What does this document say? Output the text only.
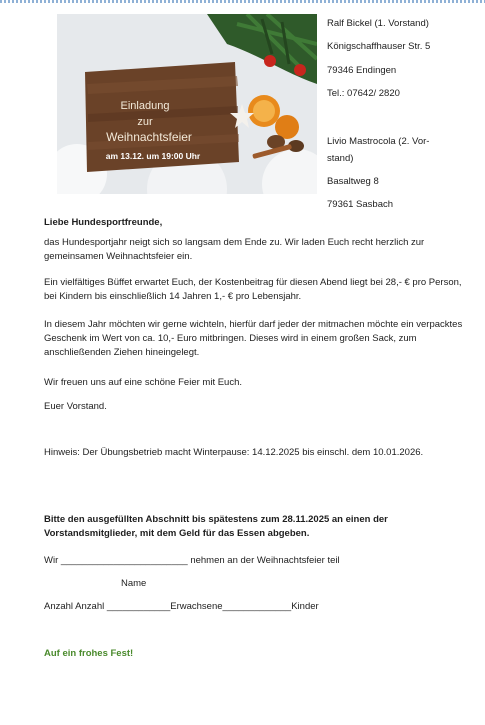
Einladung
zur
Weihnachtsfeier
am 13.12. um 19:00 Uhr
Ralf Bickel (1. Vorstand)
Königschaffhauser Str. 5
79346 Endingen
Tel.: 07642/ 2820
Livio Mastrocola (2. Vor-
stand)
Basaltweg 8
79361 Sasbach

Liebe Hundesportfreunde,

das Hundesportjahr neigt sich so langsam dem Ende zu. Wir laden Euch recht herzlich zur gemeinsamen Weihnachtsfeier ein.

Ein vielfältiges Büffet erwartet Euch, der Kostenbeitrag für diesen Abend liegt bei 28,- € pro Person, bei Kindern bis einschließlich 14 Jahren 1,- € pro Lebensjahr.

In diesem Jahr möchten wir gerne wichteln, hierfür darf jeder der mitmachen möchte ein verpacktes Geschenk im Wert von ca. 10,- Euro mitbringen. Dieses wird in einem großen Sack, zum anschließenden Ziehen hineingelegt.

Wir freuen uns auf eine schöne Feier mit Euch.

Euer Vorstand.

Hinweis: Der Übungsbetrieb macht Winterpause: 14.12.2025 bis einschl. dem 10.01.2026.

Bitte den ausgefüllten Abschnitt bis spätestens zum 28.11.2025 an einen der Vorstandsmitglieder, mit dem Geld für das Essen abgeben.

Wir ________________________ nehmen an der Weihnachtsfeier teil

Name

Anzahl Anzahl ____________Erwachsene_____________Kinder

Auf ein frohes Fest!
